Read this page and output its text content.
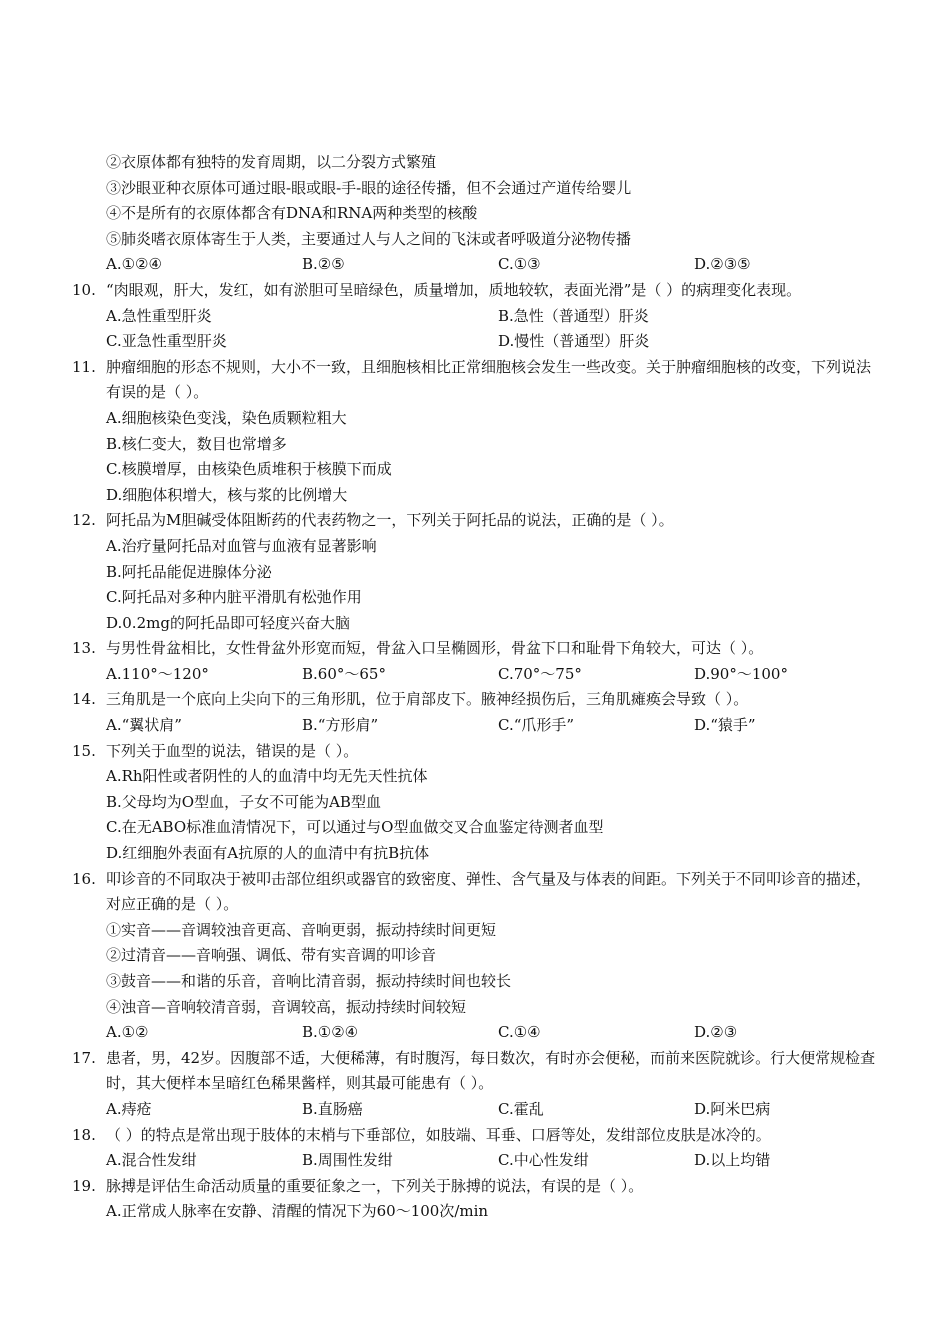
②衣原体都有独特的发育周期，以二分裂方式繁殖
③沙眼亚种衣原体可通过眼-眼或眼-手-眼的途径传播，但不会通过产道传给婴儿
④不是所有的衣原体都含有DNA和RNA两种类型的核酸
⑤肺炎嗜衣原体寄生于人类，主要通过人与人之间的飞沫或者呼吸道分泌物传播
A.①②④	B.②⑤	C.①③	D.②③⑤
10. “肉眼观，肝大，发红，如有淤胆可呈暗绿色，质量增加，质地较软，表面光滑”是（ ）的病理变化表现。
A.急性重型肝炎	B.急性（普通型）肝炎
C.亚急性重型肝炎	D.慢性（普通型）肝炎
11. 肿瘤细胞的形态不规则，大小不一致，且细胞核相比正常细胞核会发生一些改变。关于肿瘤细胞核的改变，下列说法有误的是（ ）。
A.细胞核染色变浅，染色质颗粒粗大
B.核仁变大，数目也常增多
C.核膜增厚，由核染色质堆积于核膜下而成
D.细胞体积增大，核与浆的比例增大
12. 阿托品为M胆碱受体阻断药的代表药物之一，下列关于阿托品的说法，正确的是（ ）。
A.治疗量阿托品对血管与血液有显著影响
B.阿托品能促进腺体分泌
C.阿托品对多种内脏平滑肌有松弛作用
D.0.2mg的阿托品即可轻度兴奋大脑
13. 与男性骨盆相比，女性骨盆外形宽而短，骨盆入口呈椭圆形，骨盆下口和耻骨下角较大，可达（ ）。
A.110°～120°	B.60°～65°	C.70°～75°	D.90°～100°
14. 三角肌是一个底向上尖向下的三角形肌，位于肩部皮下。腋神经损伤后，三角肌瘫痪会导致（ ）。
A.“翼状肩”	B.“方形肩”	C.“爪形手”	D.“猿手”
15. 下列关于血型的说法，错误的是（ ）。
A.Rh阳性或者阴性的人的血清中均无先天性抗体
B.父母均为O型血，子女不可能为AB型血
C.在无ABO标准血清情况下，可以通过与O型血做交叉合血鉴定待测者血型
D.红细胞外表面有A抗原的人的血清中有抗B抗体
16. 叩诊音的不同取决于被叩击部位组织或器官的致密度、弹性、含气量及与体表的间距。下列关于不同叩诊音的描述，对应正确的是（ ）。
①实音——音调较浊音更高、音响更弱，振动持续时间更短
②过清音——音响强、调低、带有实音调的叩诊音
③鼓音——和谐的乐音，音响比清音弱，振动持续时间也较长
④浊音—音响较清音弱，音调较高，振动持续时间较短
A.①②	B.①②④	C.①④	D.②③
17. 患者，男，42岁。因腹部不适，大便稀薄，有时腹泻，每日数次，有时亦会便秘，而前来医院就诊。行大便常规检查时，其大便样本呈暗红色稀果酱样，则其最可能患有（ ）。
A.痔疮	B.直肠癌	C.霍乱	D.阿米巴病
18. （ ）的特点是常出现于肢体的末梢与下垂部位，如肢端、耳垂、口唇等处，发绀部位皮肤是冰冷的。
A.混合性发绀	B.周围性发绀	C.中心性发绀	D.以上均错
19. 脉搏是评估生命活动质量的重要征象之一，下列关于脉搏的说法，有误的是（ ）。
A.正常成人脉率在安静、清醒的情况下为60～100次/min
